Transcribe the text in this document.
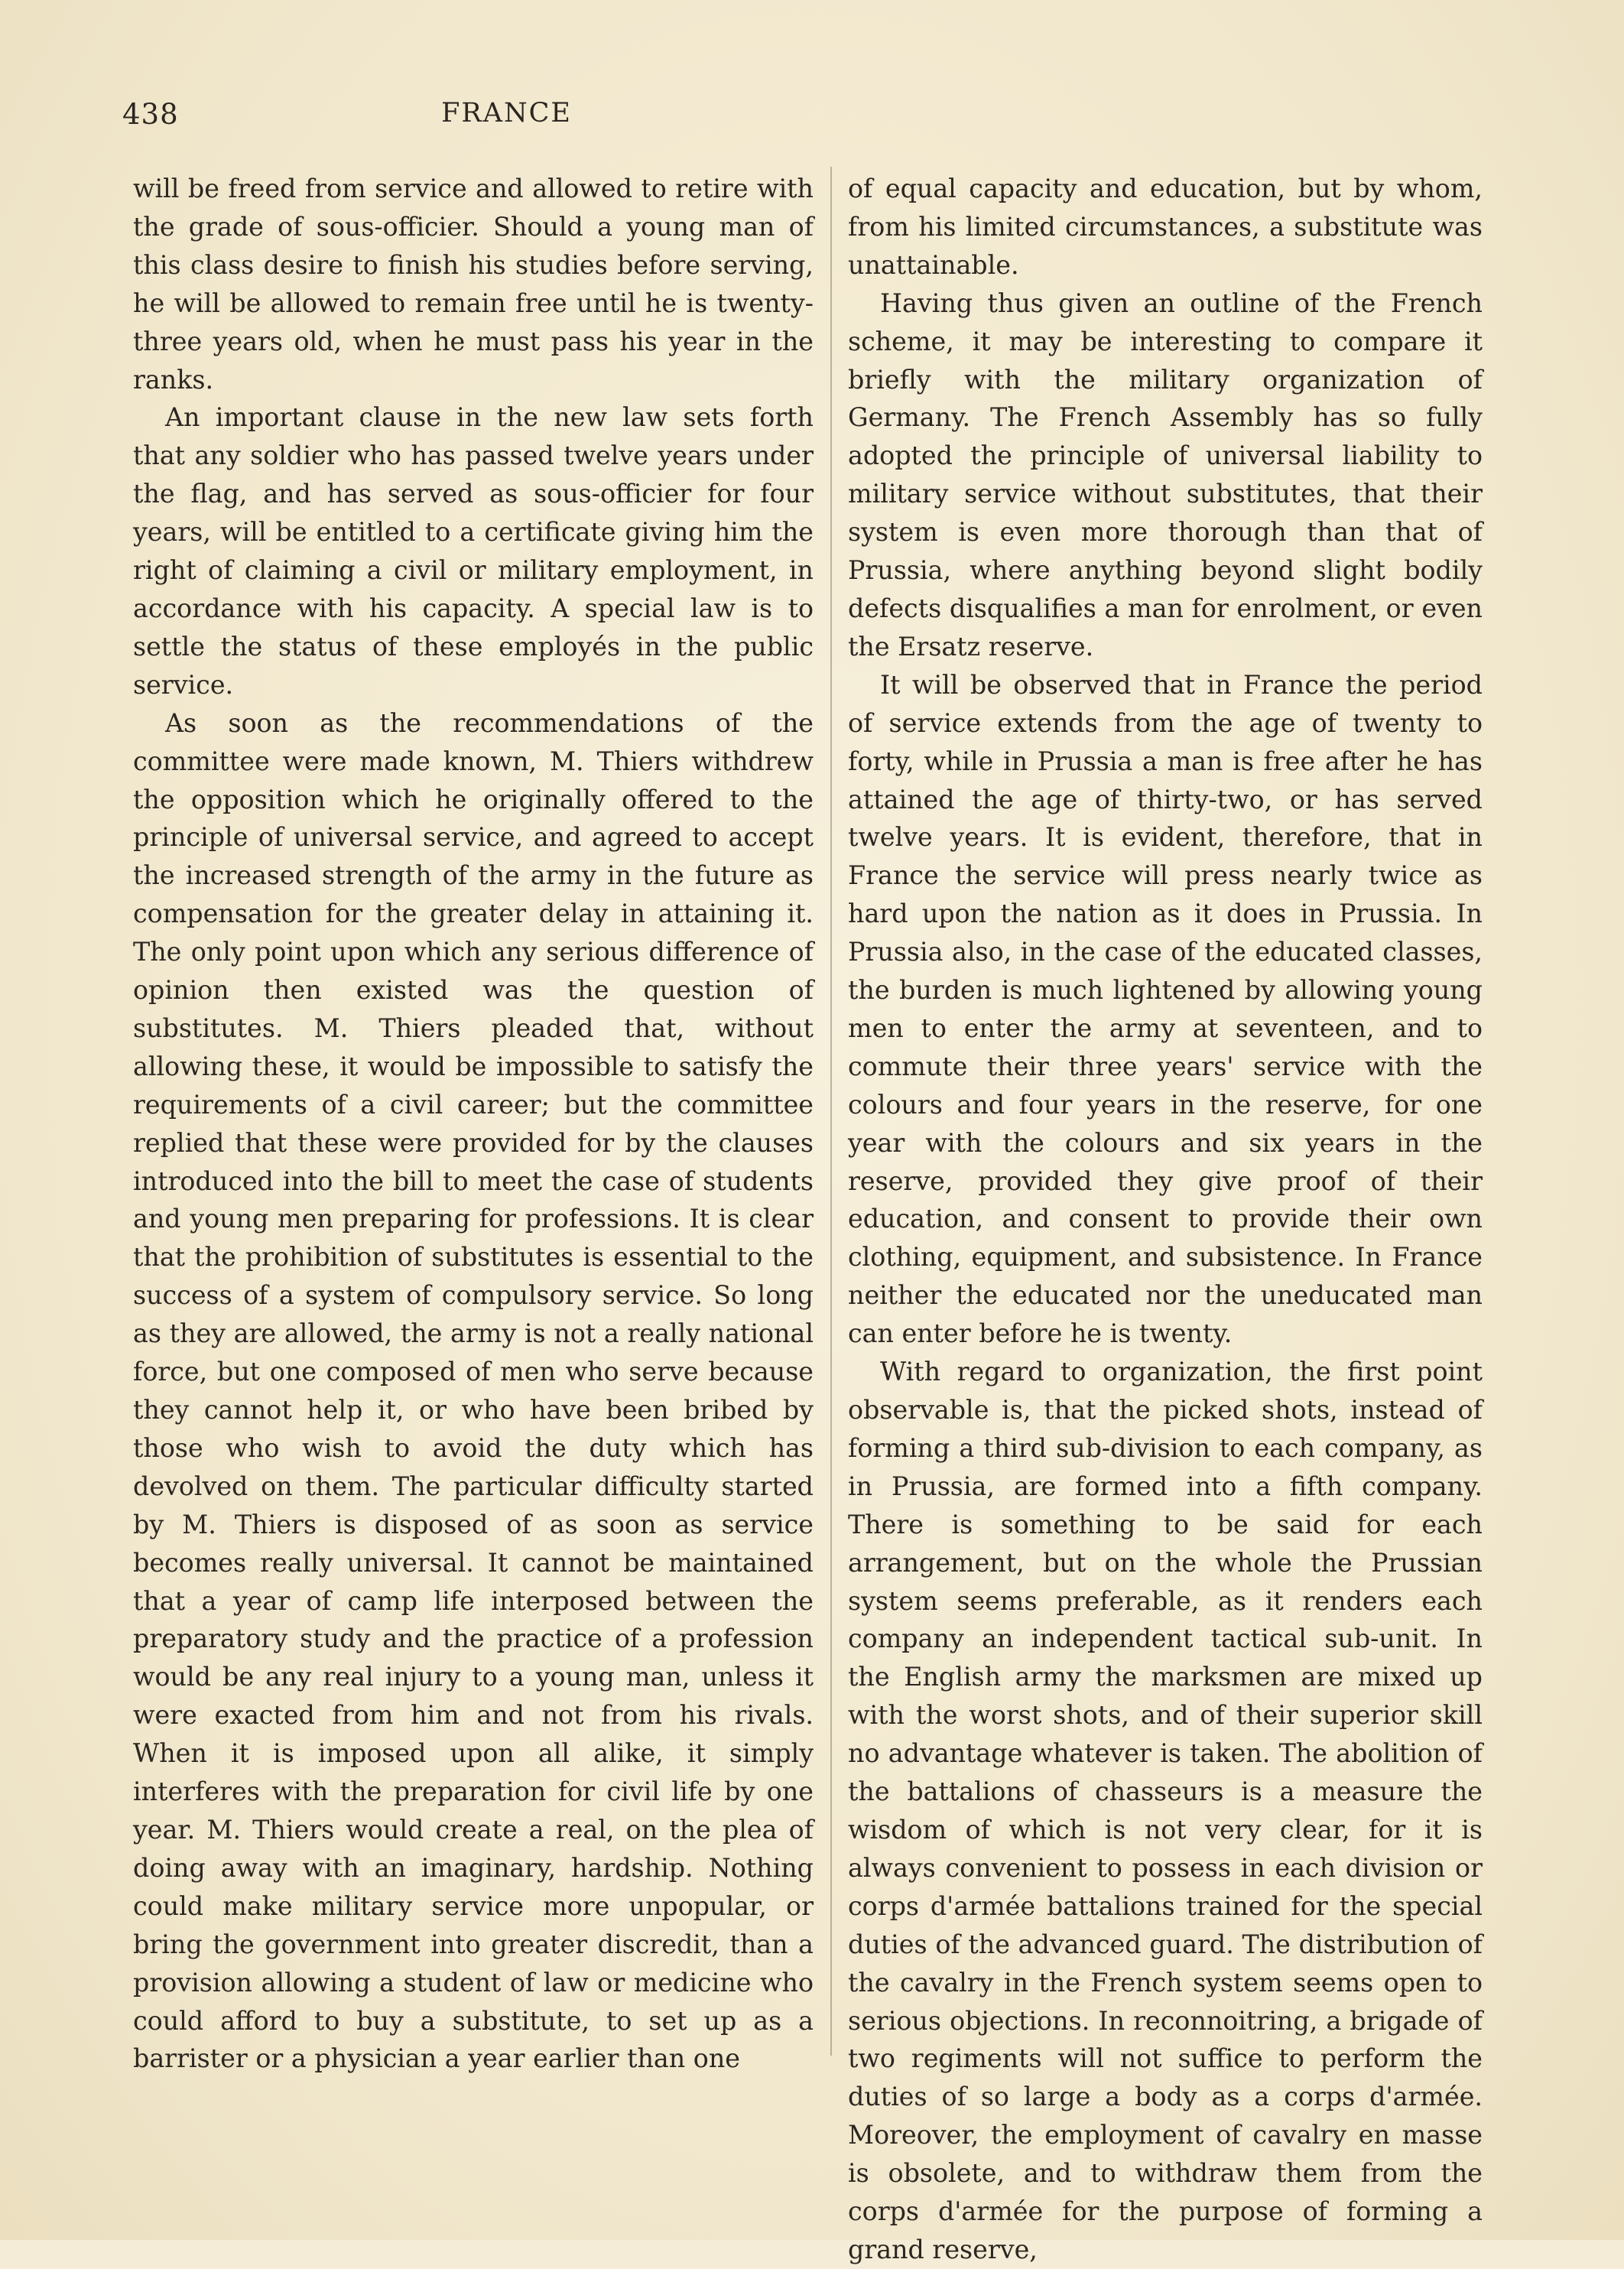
438	FRANCE

will be freed from service and allowed to retire with the grade of sous-officier. Should a young man of this class desire to finish his studies before serving, he will be allowed to remain free until he is twenty-three years old, when he must pass his year in the ranks.

An important clause in the new law sets forth that any soldier who has passed twelve years under the flag, and has served as sous-officier for four years, will be entitled to a certificate giving him the right of claiming a civil or military employment, in accordance with his capacity. A special law is to settle the status of these employés in the public service.

As soon as the recommendations of the committee were made known, M. Thiers withdrew the opposition which he originally offered to the principle of universal service, and agreed to accept the increased strength of the army in the future as compensation for the greater delay in attaining it. The only point upon which any serious difference of opinion then existed was the question of substitutes. M. Thiers pleaded that, without allowing these, it would be impossible to satisfy the requirements of a civil career; but the committee replied that these were provided for by the clauses introduced into the bill to meet the case of students and young men preparing for professions. It is clear that the prohibition of substitutes is essential to the success of a system of compulsory service. So long as they are allowed, the army is not a really national force, but one composed of men who serve because they cannot help it, or who have been bribed by those who wish to avoid the duty which has devolved on them. The particular difficulty started by M. Thiers is disposed of as soon as service becomes really universal. It cannot be maintained that a year of camp life interposed between the preparatory study and the practice of a profession would be any real injury to a young man, unless it were exacted from him and not from his rivals. When it is imposed upon all alike, it simply interferes with the preparation for civil life by one year. M. Thiers would create a real, on the plea of doing away with an imaginary, hardship. Nothing could make military service more unpopular, or bring the government into greater discredit, than a provision allowing a student of law or medicine who could afford to buy a substitute, to set up as a barrister or a physician a year earlier than one

of equal capacity and education, but by whom, from his limited circumstances, a substitute was unattainable.

Having thus given an outline of the French scheme, it may be interesting to compare it briefly with the military organization of Germany. The French Assembly has so fully adopted the principle of universal liability to military service without substitutes, that their system is even more thorough than that of Prussia, where anything beyond slight bodily defects disqualifies a man for enrolment, or even the Ersatz reserve.

It will be observed that in France the period of service extends from the age of twenty to forty, while in Prussia a man is free after he has attained the age of thirty-two, or has served twelve years. It is evident, therefore, that in France the service will press nearly twice as hard upon the nation as it does in Prussia. In Prussia also, in the case of the educated classes, the burden is much lightened by allowing young men to enter the army at seventeen, and to commute their three years' service with the colours and four years in the reserve, for one year with the colours and six years in the reserve, provided they give proof of their education, and consent to provide their own clothing, equipment, and subsistence. In France neither the educated nor the uneducated man can enter before he is twenty.

With regard to organization, the first point observable is, that the picked shots, instead of forming a third sub-division to each company, as in Prussia, are formed into a fifth company. There is something to be said for each arrangement, but on the whole the Prussian system seems preferable, as it renders each company an independent tactical sub-unit. In the English army the marksmen are mixed up with the worst shots, and of their superior skill no advantage whatever is taken. The abolition of the battalions of chasseurs is a measure the wisdom of which is not very clear, for it is always convenient to possess in each division or corps d'armée battalions trained for the special duties of the advanced guard. The distribution of the cavalry in the French system seems open to serious objections. In reconnoitring, a brigade of two regiments will not suffice to perform the duties of so large a body as a corps d'armée. Moreover, the employment of cavalry en masse is obsolete, and to withdraw them from the corps d'armée for the purpose of forming a grand reserve,
